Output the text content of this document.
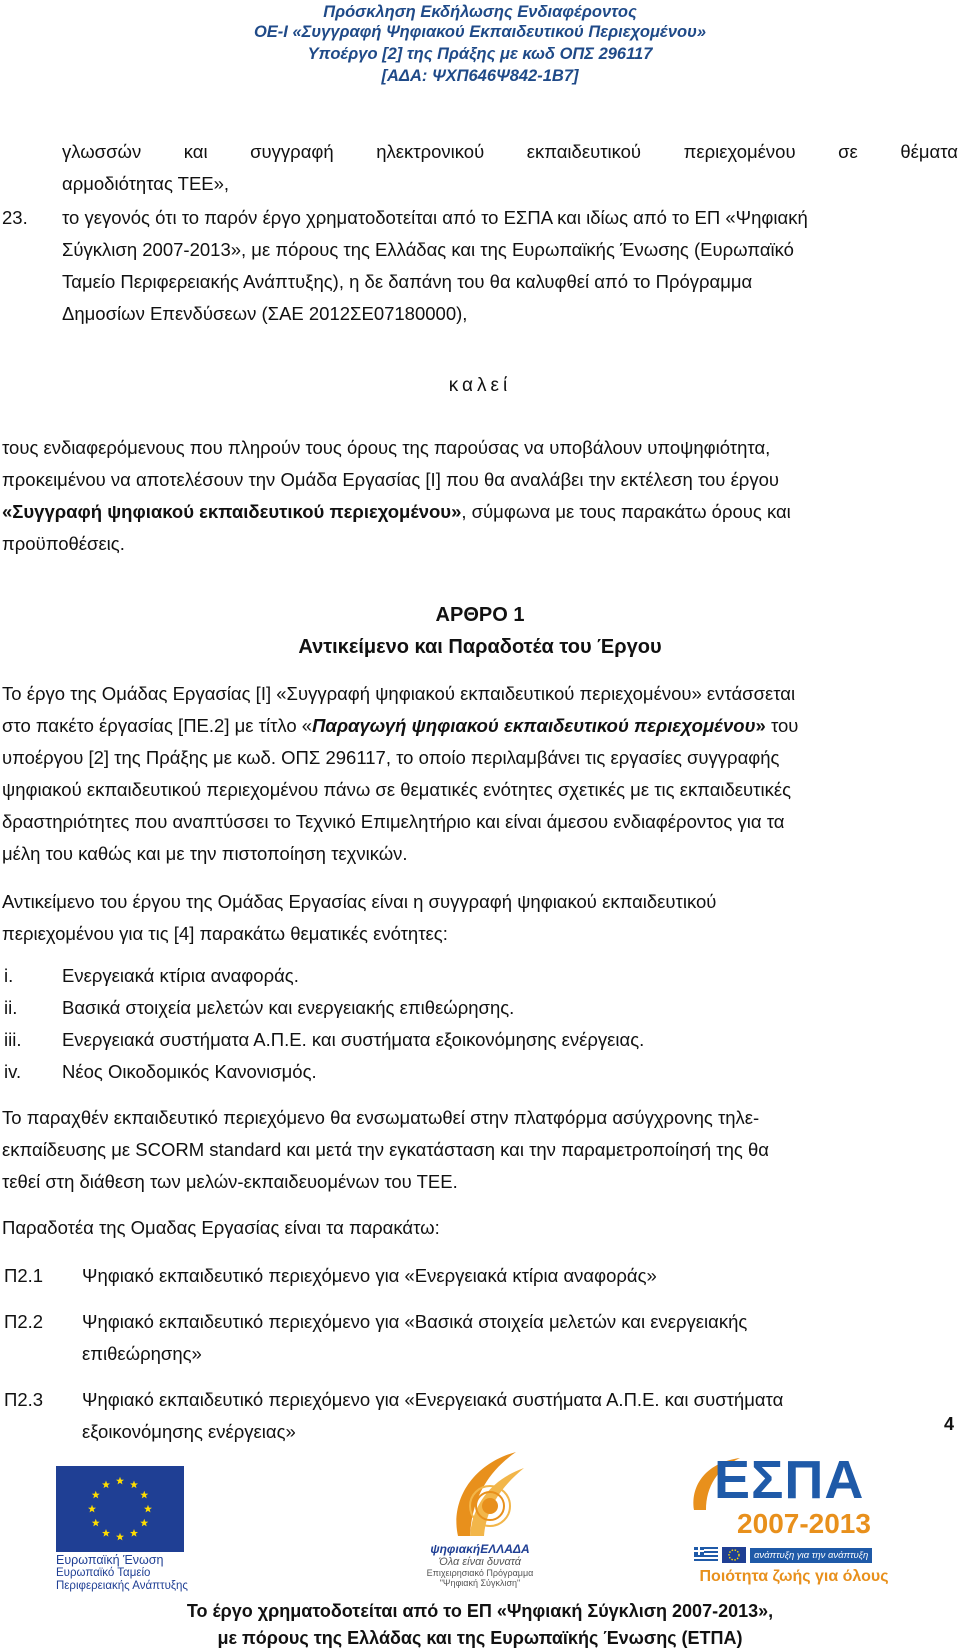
Πρόσκληση Εκδήλωσης Ενδιαφέροντος
ΟΕ-Ι «Συγγραφή Ψηφιακού Εκπαιδευτικού Περιεχομένου»
Υποέργο [2] της Πράξης με κωδ ΟΠΣ 296117
[ΑΔΑ: ΨΧΠ646Ψ842-1Β7]
γλωσσών και συγγραφή ηλεκτρονικού εκπαιδευτικού περιεχομένου σε θέματα
αρμοδιότητας ΤΕΕ»,
23.	το γεγονός ότι το παρόν έργο χρηματοδοτείται από το ΕΣΠΑ και ιδίως από το ΕΠ «Ψηφιακή
Σύγκλιση 2007-2013», με πόρους της Ελλάδας και της Ευρωπαϊκής Ένωσης (Ευρωπαϊκό
Ταμείο Περιφερειακής Ανάπτυξης), η δε δαπάνη του θα καλυφθεί από το Πρόγραμμα
Δημοσίων Επενδύσεων (ΣΑΕ 2012ΣΕ07180000),
καλεί
τους ενδιαφερόμενους που πληρούν τους όρους της παρούσας να υποβάλουν υποψηφιότητα,
προκειμένου να αποτελέσουν την Ομάδα Εργασίας [Ι] που θα αναλάβει την εκτέλεση του έργου
«Συγγραφή ψηφιακού εκπαιδευτικού περιεχομένου», σύμφωνα με τους παρακάτω όρους και
προϋποθέσεις.
ΑΡΘΡΟ 1
Αντικείμενο και Παραδοτέα του Έργου
Το έργο της Ομάδας Εργασίας [Ι] «Συγγραφή ψηφιακού εκπαιδευτικού περιεχομένου» εντάσσεται
στο πακέτο έργασίας [ΠΕ.2] με τίτλο «Παραγωγή ψηφιακού εκπαιδευτικού περιεχομένου» του
υποέργου [2] της Πράξης με κωδ. ΟΠΣ 296117, το οποίο περιλαμβάνει τις εργασίες συγγραφής
ψηφιακού εκπαιδευτικού περιεχομένου πάνω σε θεματικές ενότητες σχετικές με τις εκπαιδευτικές
δραστηριότητες που αναπτύσσει το Τεχνικό Επιμελητήριο και είναι άμεσου ενδιαφέροντος για τα
μέλη του καθώς και με την πιστοποίηση τεχνικών.
Αντικείμενο του έργου της Ομάδας Εργασίας είναι η συγγραφή ψηφιακού εκπαιδευτικού
περιεχομένου για τις [4] παρακάτω θεματικές ενότητες:
i.	Ενεργειακά κτίρια αναφοράς.
ii. Βασικά στοιχεία μελετών και ενεργειακής επιθεώρησης.
iii. Ενεργειακά συστήματα Α.Π.Ε. και συστήματα εξοικονόμησης ενέργειας.
iv. Νέος Οικοδομικός Κανονισμός.
Το παραχθέν εκπαιδευτικό περιεχόμενο θα ενσωματωθεί στην πλατφόρμα ασύγχρονης τηλε-
εκπαίδευσης με SCORM standard και μετά την εγκατάσταση και την παραμετροποίησή της θα
τεθεί στη διάθεση των μελών-εκπαιδευομένων του ΤΕΕ.
Παραδοτέα της Ομαδας Εργασίας είναι τα παρακάτω:
Π2.1	Ψηφιακό εκπαιδευτικό περιεχόμενο για «Ενεργειακά κτίρια αναφοράς»
Π2.2	Ψηφιακό εκπαιδευτικό περιεχόμενο για «Βασικά στοιχεία μελετών και ενεργειακής
επιθεώρησης»
Π2.3	Ψηφιακό εκπαιδευτικό περιεχόμενο για «Ενεργειακά συστήματα Α.Π.Ε. και συστήματα
εξοικονόμησης ενέργειας»	4
Ευρωπαϊκή Ένωση
Ευρωπαϊκό Ταμείο
Περιφερειακής Ανάπτυξης
ψηφιακήΕΛΛΑΔΑ
Όλα είναι δυνατά
Επιχειρησιακό Πρόγραμμα
"Ψηφιακή Σύγκλιση"
ΕΣΠΑ
2007-2013
ανάπτυξη για την ανάπτυξη
Ποιότητα ζωής για όλους
Το έργο χρηματοδοτείται από το ΕΠ «Ψηφιακή Σύγκλιση 2007-2013»,
με πόρους της Ελλάδας και της Ευρωπαϊκής Ένωσης (ΕΤΠΑ)
